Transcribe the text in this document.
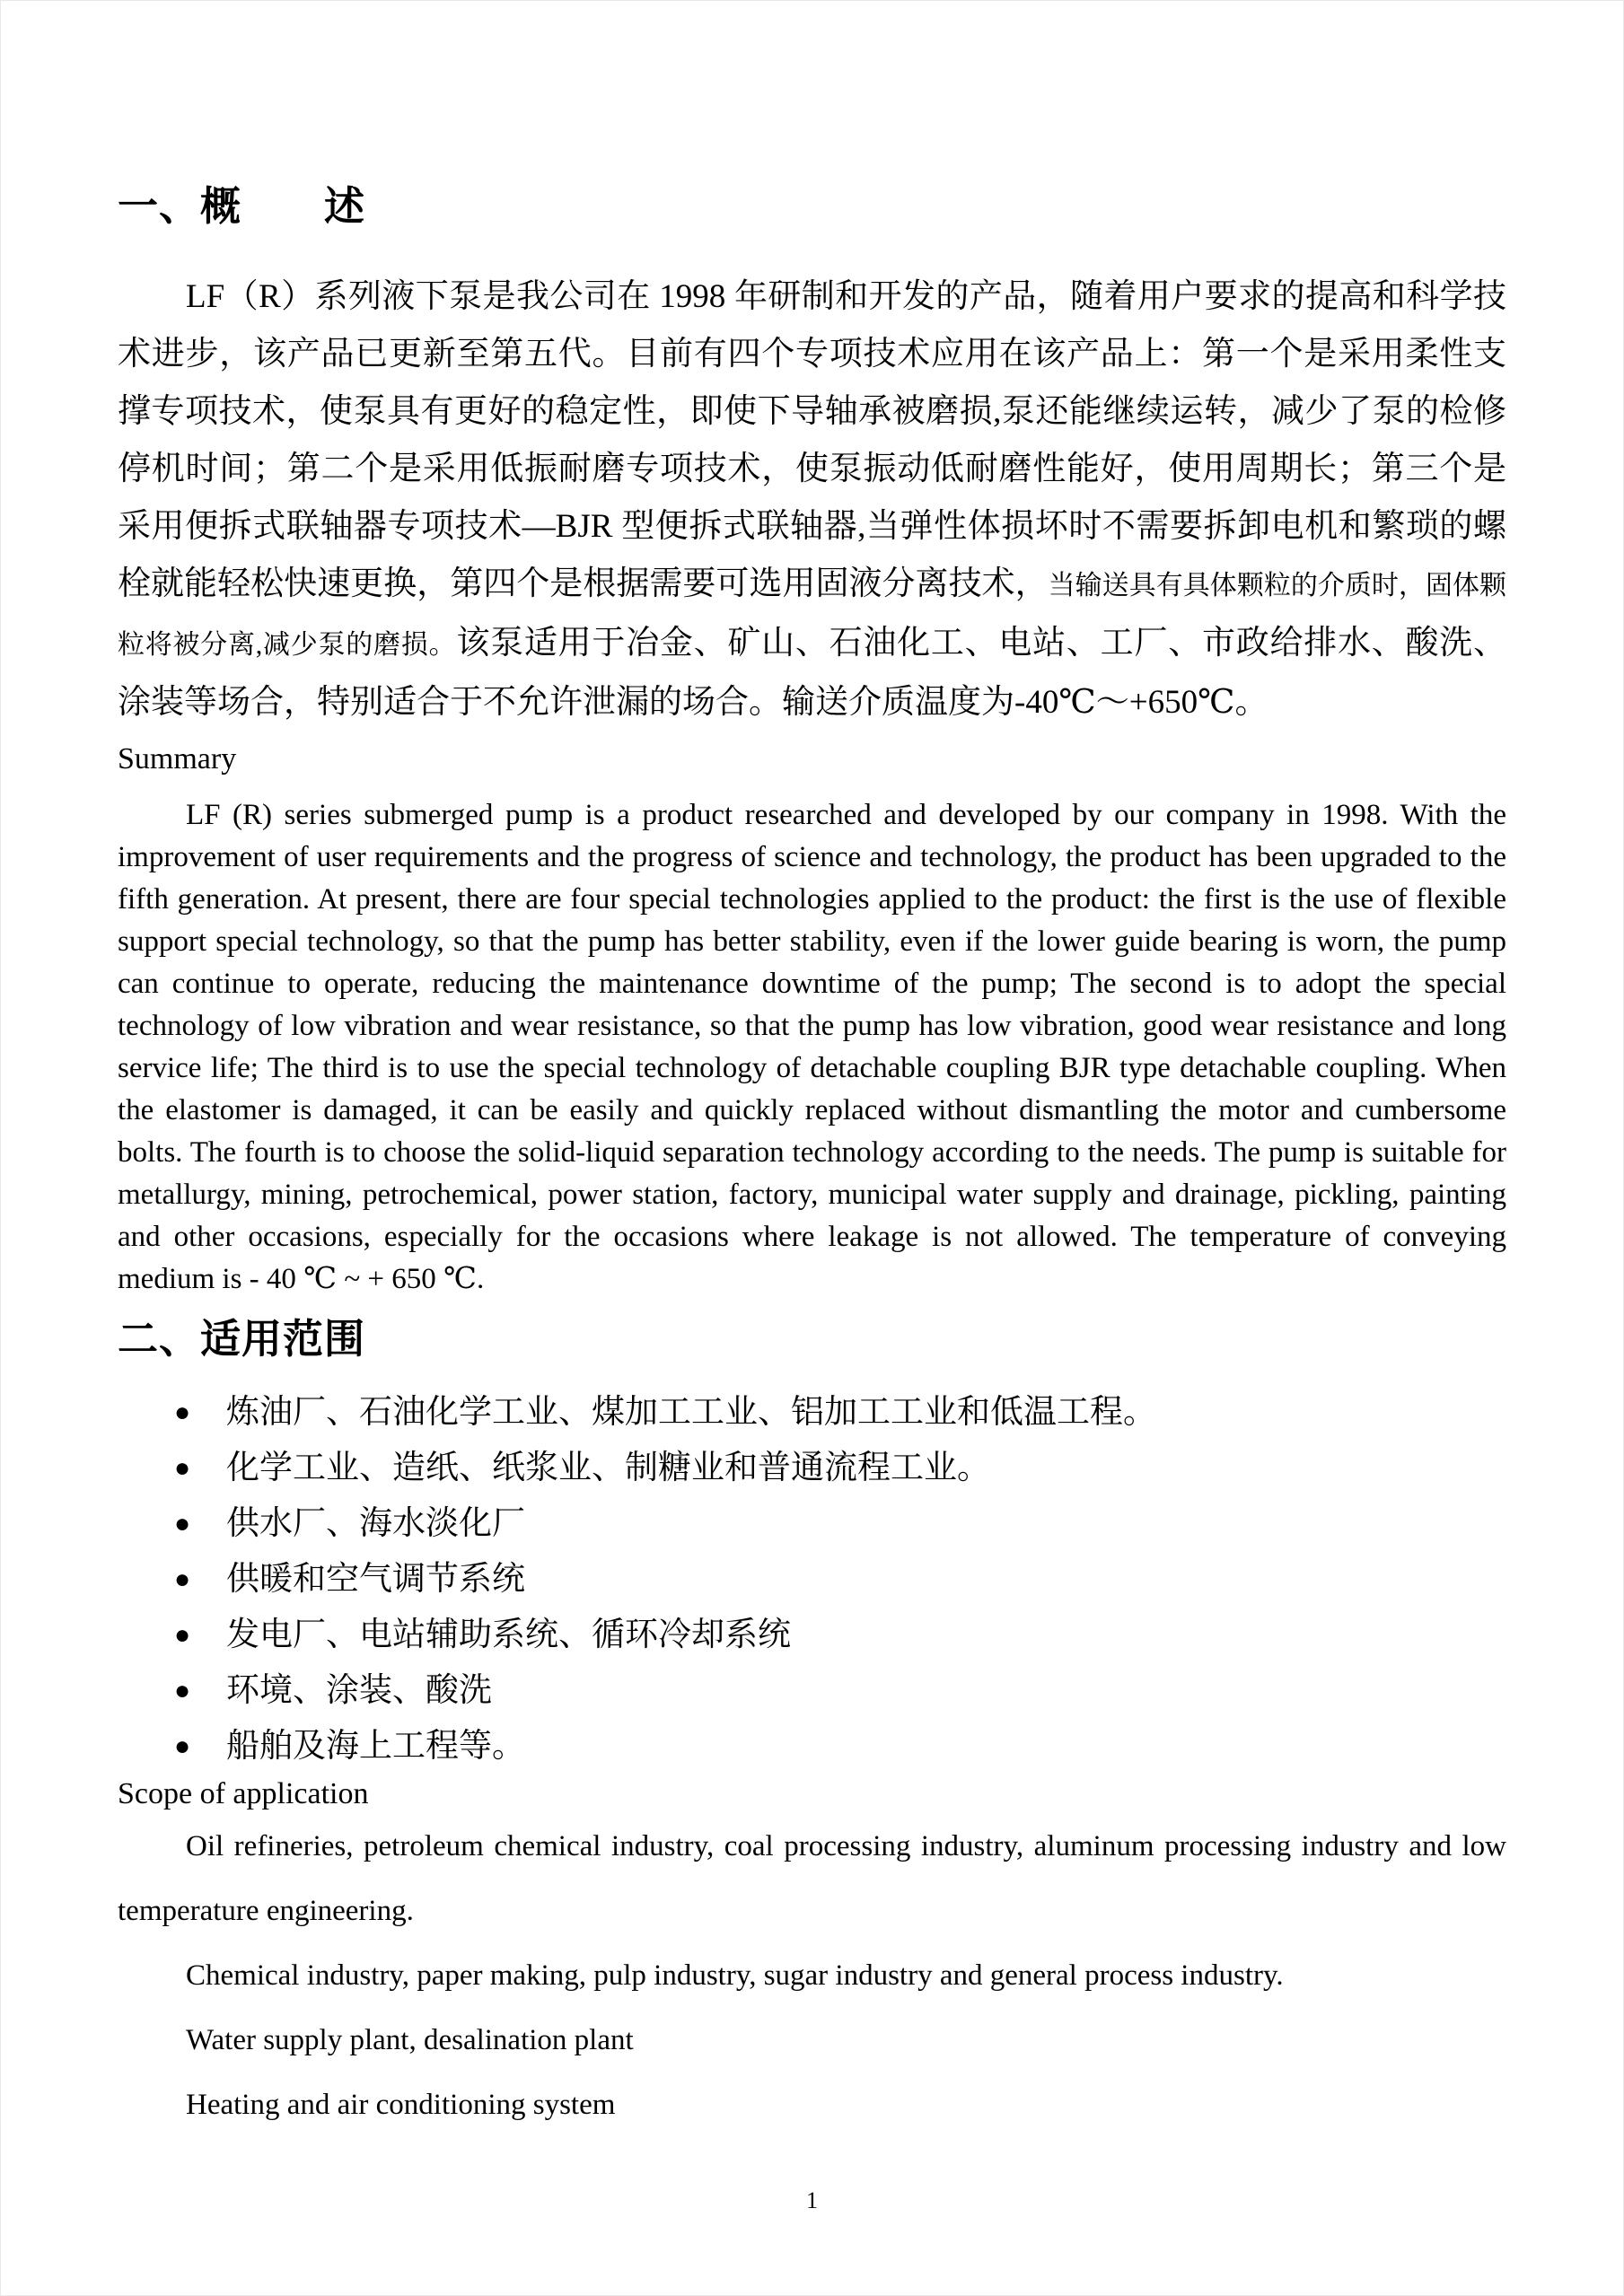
一、概　　述

LF（R）系列液下泵是我公司在 1998 年研制和开发的产品，随着用户要求的提高和科学技术进步，该产品已更新至第五代。目前有四个专项技术应用在该产品上：第一个是采用柔性支撑专项技术，使泵具有更好的稳定性，即使下导轴承被磨损,泵还能继续运转，减少了泵的检修停机时间；第二个是采用低振耐磨专项技术，使泵振动低耐磨性能好，使用周期长；第三个是采用便拆式联轴器专项技术—BJR 型便拆式联轴器,当弹性体损坏时不需要拆卸电机和繁琐的螺栓就能轻松快速更换，第四个是根据需要可选用固液分离技术，当输送具有具体颗粒的介质时，固体颗粒将被分离,减少泵的磨损。该泵适用于冶金、矿山、石油化工、电站、工厂、市政给排水、酸洗、涂装等场合，特别适合于不允许泄漏的场合。输送介质温度为-40℃～+650℃。

Summary

LF (R) series submerged pump is a product researched and developed by our company in 1998. With the improvement of user requirements and the progress of science and technology, the product has been upgraded to the fifth generation. At present, there are four special technologies applied to the product: the first is the use of flexible support special technology, so that the pump has better stability, even if the lower guide bearing is worn, the pump can continue to operate, reducing the maintenance downtime of the pump; The second is to adopt the special technology of low vibration and wear resistance, so that the pump has low vibration, good wear resistance and long service life; The third is to use the special technology of detachable coupling BJR type detachable coupling. When the elastomer is damaged, it can be easily and quickly replaced without dismantling the motor and cumbersome bolts. The fourth is to choose the solid-liquid separation technology according to the needs. The pump is suitable for metallurgy, mining, petrochemical, power station, factory, municipal water supply and drainage, pickling, painting and other occasions, especially for the occasions where leakage is not allowed. The temperature of conveying medium is - 40 ℃ ~ + 650 ℃.

二、适用范围
● 炼油厂、石油化学工业、煤加工工业、铝加工工业和低温工程。
● 化学工业、造纸、纸浆业、制糖业和普通流程工业。
● 供水厂、海水淡化厂
● 供暖和空气调节系统
● 发电厂、电站辅助系统、循环冷却系统
● 环境、涂装、酸洗
● 船舶及海上工程等。

Scope of application

Oil refineries, petroleum chemical industry, coal processing industry, aluminum processing industry and low temperature engineering.

Chemical industry, paper making, pulp industry, sugar industry and general process industry.

Water supply plant, desalination plant

Heating and air conditioning system

1
